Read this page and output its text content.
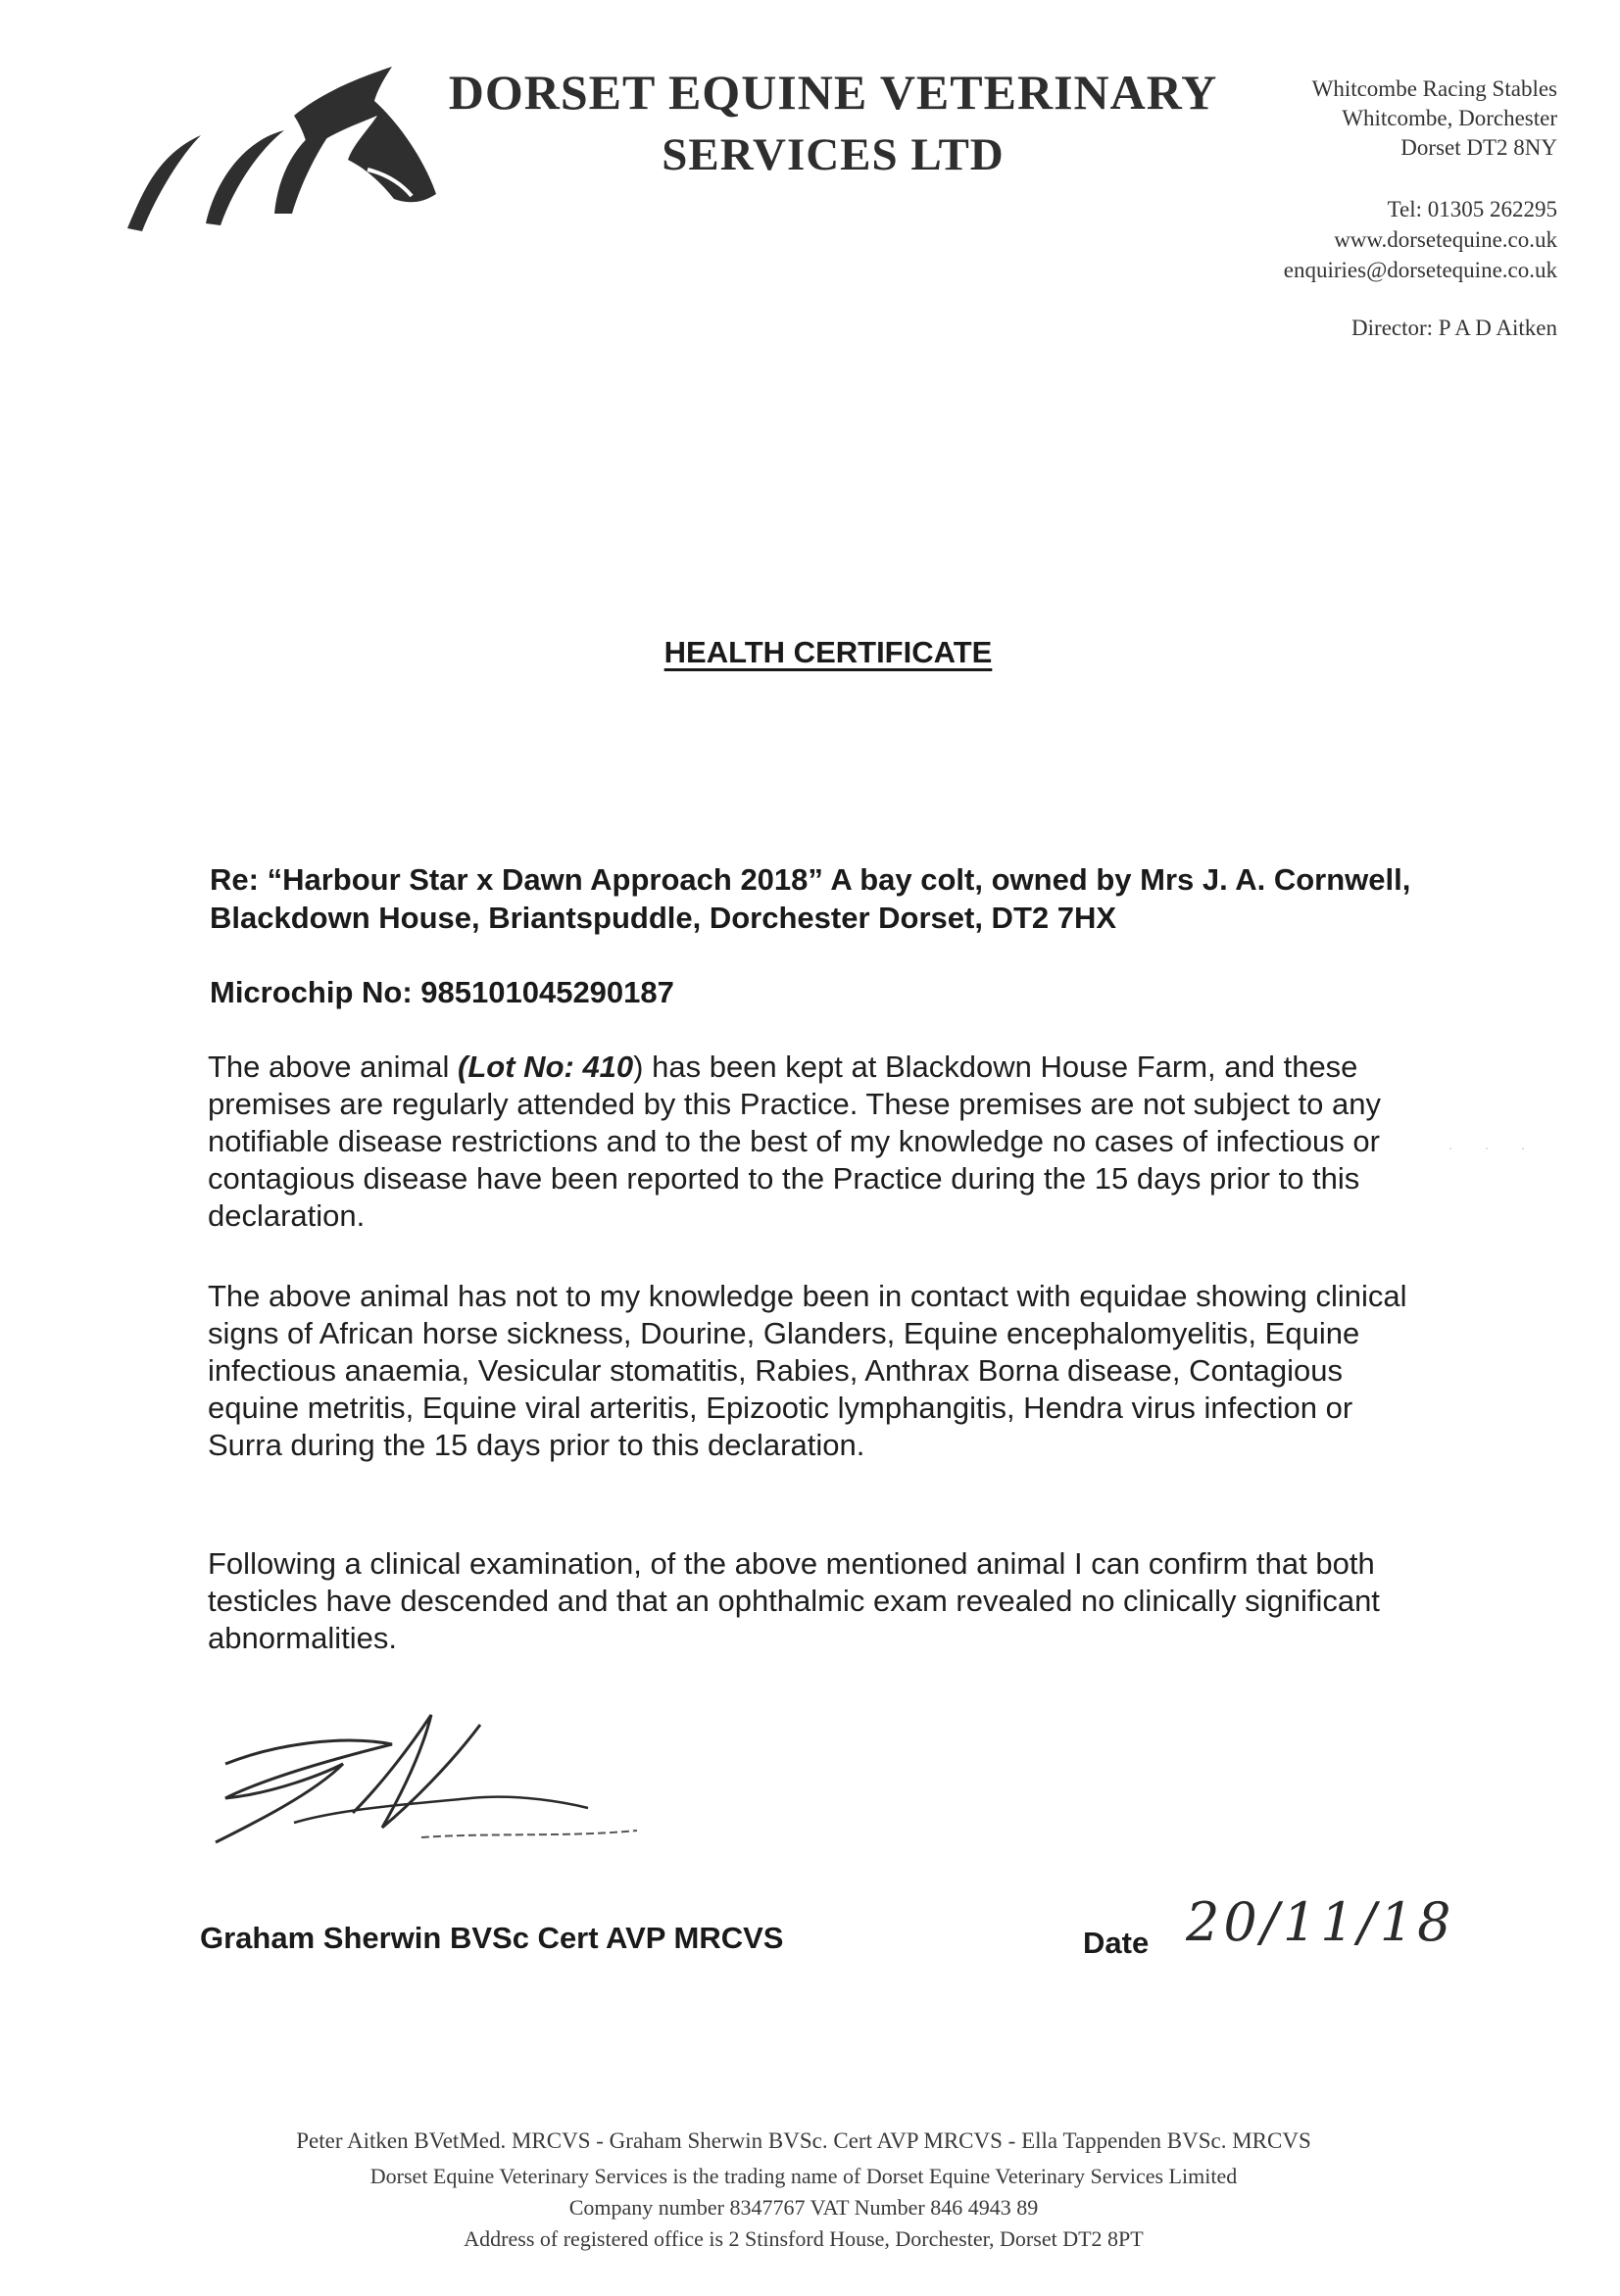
DORSET EQUINE VETERINARY
SERVICES LTD
Whitcombe Racing Stables
Whitcombe, Dorchester
Dorset DT2 8NY
Tel: 01305 262295
www.dorsetequine.co.uk
enquiries@dorsetequine.co.uk
Director: P A D Aitken
HEALTH CERTIFICATE
Re: “Harbour Star x Dawn Approach 2018” A bay colt, owned by Mrs J. A. Cornwell, Blackdown House, Briantspuddle, Dorchester Dorset, DT2 7HX
Microchip No: 985101045290187
The above animal (Lot No: 410) has been kept at Blackdown House Farm, and these premises are regularly attended by this Practice. These premises are not subject to any notifiable disease restrictions and to the best of my knowledge no cases of infectious or contagious disease have been reported to the Practice during the 15 days prior to this declaration.
The above animal has not to my knowledge been in contact with equidae showing clinical signs of African horse sickness, Dourine, Glanders, Equine encephalomyelitis, Equine infectious anaemia, Vesicular stomatitis, Rabies, Anthrax Borna disease, Contagious equine metritis, Equine viral arteritis, Epizootic lymphangitis, Hendra virus infection or Surra during the 15 days prior to this declaration.
Following a clinical examination, of the above mentioned animal I can confirm that both testicles have descended and that an ophthalmic exam revealed no clinically significant abnormalities.
· · ·
Graham Sherwin BVSc Cert AVP MRCVS	Date 20/11/18
Peter Aitken BVetMed. MRCVS - Graham Sherwin BVSc. Cert AVP MRCVS - Ella Tappenden BVSc. MRCVS
Dorset Equine Veterinary Services is the trading name of Dorset Equine Veterinary Services Limited
Company number 8347767 VAT Number 846 4943 89
Address of registered office is 2 Stinsford House, Dorchester, Dorset DT2 8PT
